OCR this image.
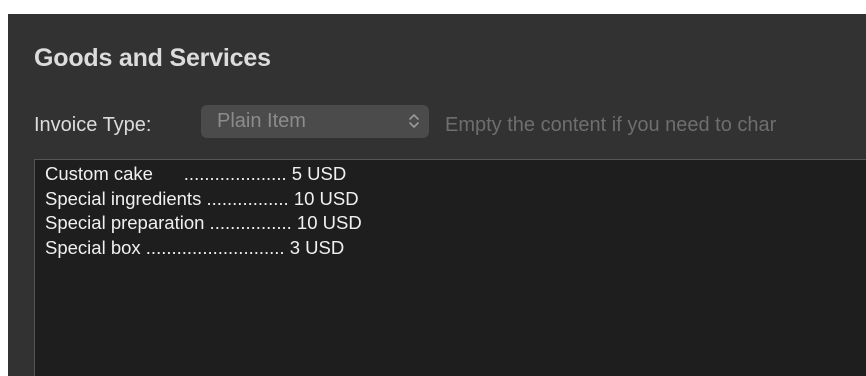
Goods and Services
Invoice Type:	Plain Item	Empty the content if you need to char
Custom cake      .................... 5 USD
Special ingredients ................ 10 USD
Special preparation ................ 10 USD
Special box ........................... 3 USD
